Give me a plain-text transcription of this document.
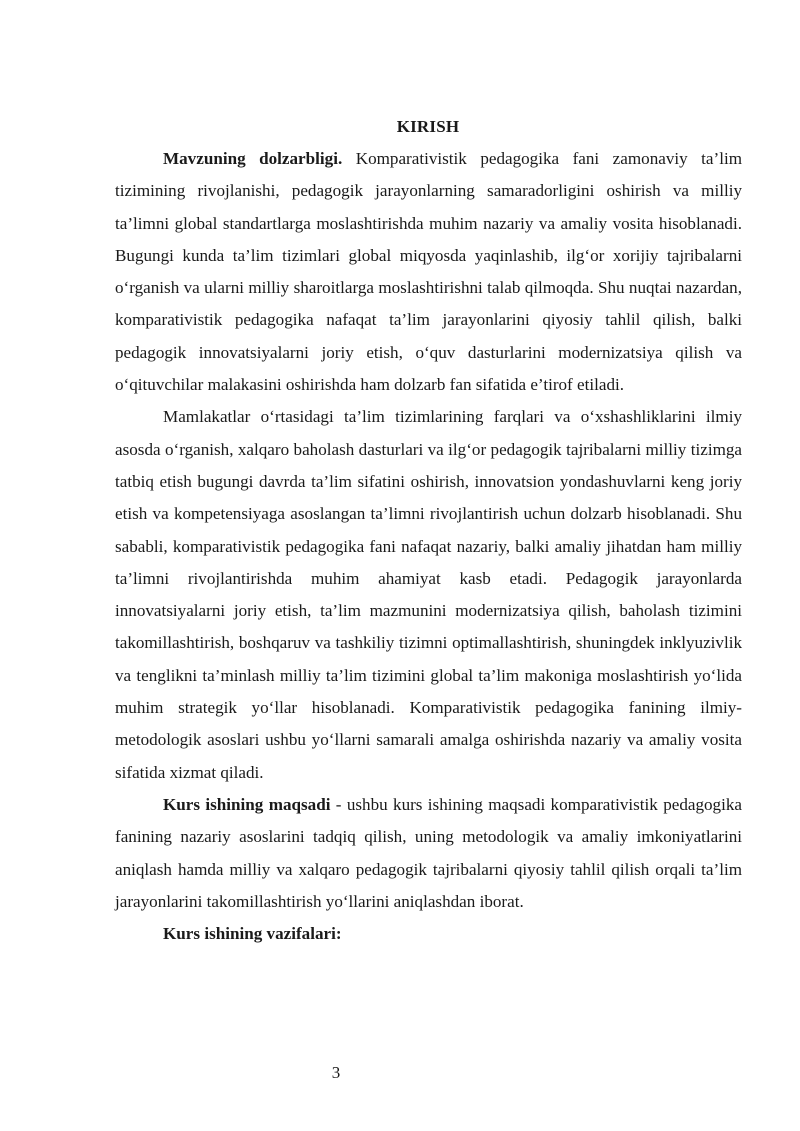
KIRISH

Mavzuning dolzarbligi. Komparativistik pedagogika fani zamonaviy ta’lim tizimining rivojlanishi, pedagogik jarayonlarning samaradorligini oshirish va milliy ta’limni global standartlarga moslashtirishda muhim nazariy va amaliy vosita hisoblanadi. Bugungi kunda ta’lim tizimlari global miqyosda yaqinlashib, ilg‘or xorijiy tajribalarni o‘rganish va ularni milliy sharoitlarga moslashtirishni talab qilmoqda. Shu nuqtai nazardan, komparativistik pedagogika nafaqat ta’lim jarayonlarini qiyosiy tahlil qilish, balki pedagogik innovatsiyalarni joriy etish, o‘quv dasturlarini modernizatsiya qilish va o‘qituvchilar malakasini oshirishda ham dolzarb fan sifatida e’tirof etiladi.

Mamlakatlar o‘rtasidagi ta’lim tizimlarining farqlari va o‘xshashliklarini ilmiy asosda o‘rganish, xalqaro baholash dasturlari va ilg‘or pedagogik tajribalarni milliy tizimga tatbiq etish bugungi davrda ta’lim sifatini oshirish, innovatsion yondashuvlarni keng joriy etish va kompetensiyaga asoslangan ta’limni rivojlantirish uchun dolzarb hisoblanadi. Shu sababli, komparativistik pedagogika fani nafaqat nazariy, balki amaliy jihatdan ham milliy ta’limni rivojlantirishda muhim ahamiyat kasb etadi. Pedagogik jarayonlarda innovatsiyalarni joriy etish, ta’lim mazmunini modernizatsiya qilish, baholash tizimini takomillashtirish, boshqaruv va tashkiliy tizimni optimallashtirish, shuningdek inklyuzivlik va tenglikni ta’minlash milliy ta’lim tizimini global ta’lim makoniga moslashtirish yo‘lida muhim strategik yo‘llar hisoblanadi. Komparativistik pedagogika fanining ilmiy-metodologik asoslari ushbu yo‘llarni samarali amalga oshirishda nazariy va amaliy vosita sifatida xizmat qiladi.

Kurs ishining maqsadi - ushbu kurs ishining maqsadi komparativistik pedagogika fanining nazariy asoslarini tadqiq qilish, uning metodologik va amaliy imkoniyatlarini aniqlash hamda milliy va xalqaro pedagogik tajribalarni qiyosiy tahlil qilish orqali ta’lim jarayonlarini takomillashtirish yo‘llarini aniqlashdan iborat.

Kurs ishining vazifalari:

3
